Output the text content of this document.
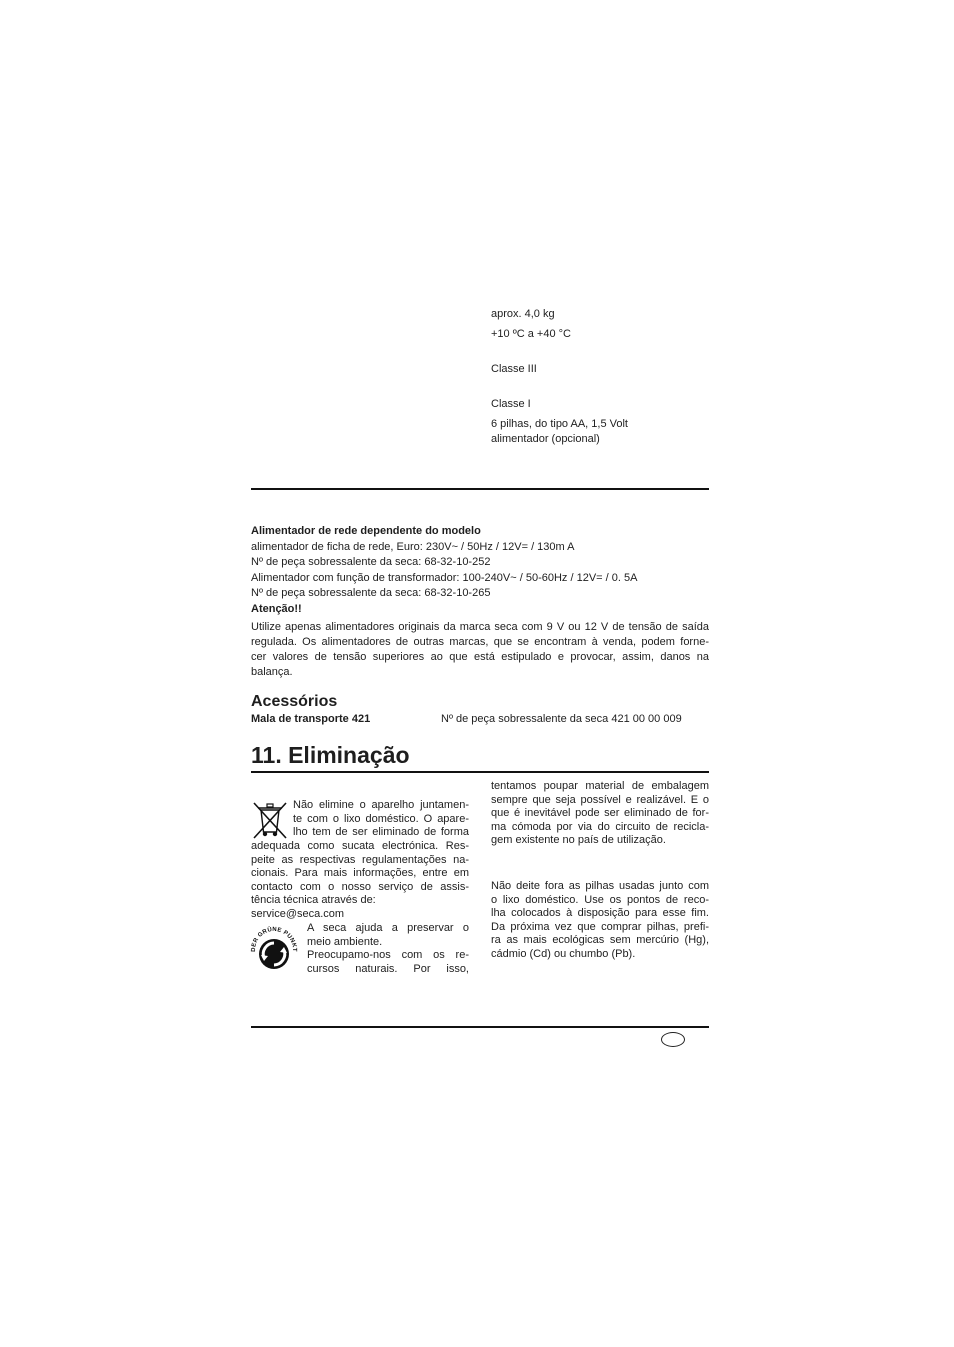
aprox. 4,0 kg
+10 ºC a +40 °C
Classe III
Classe I
6 pilhas, do tipo AA, 1,5 Volt
alimentador (opcional)
Alimentador de rede dependente do modelo
alimentador de ficha de rede, Euro: 230V~ / 50Hz / 12V= / 130m A
Nº de peça sobressalente da seca: 68-32-10-252
Alimentador com função de transformador: 100-240V~ / 50-60Hz / 12V= / 0. 5A
Nº de peça sobressalente da seca: 68-32-10-265
Atenção!!
Utilize apenas alimentadores originais da marca seca com 9 V ou 12 V de tensão de saída
regulada. Os alimentadores de outras marcas, que se encontram à venda, podem forne-
cer valores de tensão superiores ao que está estipulado e provocar, assim, danos na
balança.
Acessórios
Mala de transporte 421	Nº de peça sobressalente da seca 421 00 00 009
11. Eliminação
Não elimine o aparelho juntamen-
te com o lixo doméstico. O apare-
lho tem de ser eliminado de forma
adequada como sucata electrónica. Res-
peite as respectivas regulamentações na-
cionais. Para mais informações, entre em
contacto com o nosso serviço de assis-
tência técnica através de:
service@seca.com
DER GRÜNE PUNKT
A seca ajuda a preservar o
meio ambiente.
Preocupamo-nos com os re-
cursos naturais. Por isso,
tentamos poupar material de embalagem
sempre que seja possível e realizável. E o
que é inevitável pode ser eliminado de for-
ma cómoda por via do circuito de recicla-
gem existente no país de utilização.
Não deite fora as pilhas usadas junto com
o lixo doméstico. Use os pontos de reco-
lha colocados à disposição para esse fim.
Da próxima vez que comprar pilhas, prefi-
ra as mais ecológicas sem mercúrio (Hg),
cádmio (Cd) ou chumbo (Pb).
